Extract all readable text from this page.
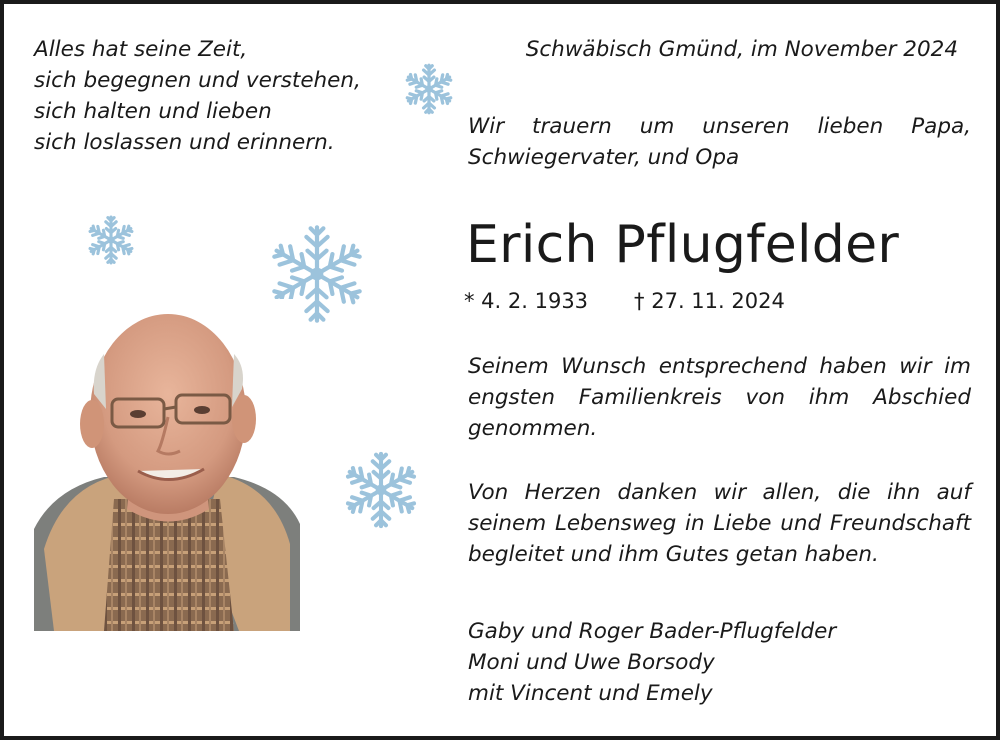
Alles hat seine Zeit,
sich begegnen und verstehen,
sich halten und lieben
sich loslassen und erinnern.
Schwäbisch Gmünd, im November 2024
Wir trauern um unseren lieben Papa,
Schwiegervater, und Opa
Erich Pflugfelder
* 4. 2. 1933 † 27. 11. 2024
Seinem Wunsch entsprechend haben wir im
engsten Familienkreis von ihm Abschied
genommen.
Von Herzen danken wir allen, die ihn auf
seinem Lebensweg in Liebe und Freundschaft
begleitet und ihm Gutes getan haben.
Gaby und Roger Bader-Pflugfelder
Moni und Uwe Borsody
mit Vincent und Emely
